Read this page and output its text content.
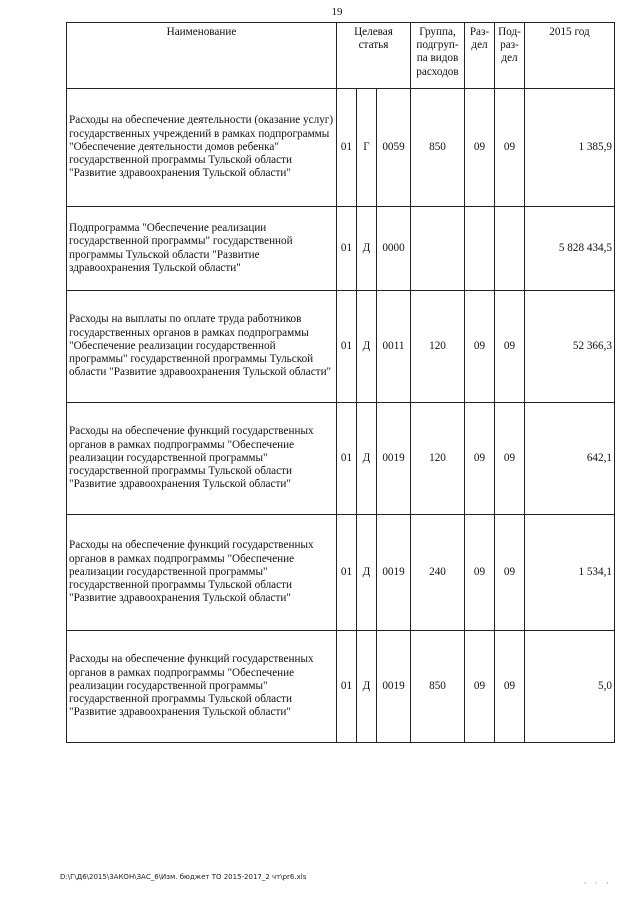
19
Наименование	Целевая статья			Группа, подгруп-па видов расходов	Раз-дел	Под-раз-дел	2015 год
Расходы на обеспечение деятельности (оказание услуг) государственных учреждений в рамках подпрограммы "Обеспечение деятельности домов ребенка" государственной программы Тульской области "Развитие здравоохранения Тульской области"	01	Г	0059	850	09	09	1 385,9
Подпрограмма "Обеспечение реализации государственной программы" государственной программы Тульской области "Развитие здравоохранения Тульской области"	01	Д	0000				5 828 434,5
Расходы на выплаты по оплате труда работников государственных органов в рамках подпрограммы "Обеспечение реализации государственной программы" государственной программы Тульской области "Развитие здравоохранения Тульской области"	01	Д	0011	120	09	09	52 366,3
Расходы на обеспечение функций государственных органов в рамках подпрограммы "Обеспечение реализации государственной программы" государственной программы Тульской области "Развитие здравоохранения Тульской области"	01	Д	0019	120	09	09	642,1
Расходы на обеспечение функций государственных органов в рамках подпрограммы "Обеспечение реализации государственной программы" государственной программы Тульской области "Развитие здравоохранения Тульской области"	01	Д	0019	240	09	09	1 534,1
Расходы на обеспечение функций государственных органов в рамках подпрограммы "Обеспечение реализации государственной программы" государственной программы Тульской области "Развитие здравоохранения Тульской области"	01	Д	0019	850	09	09	5,0
D:\Г\Д6\2015\ЗАКОН\ЗАС_6\Изм. бюджет ТО 2015-2017_2 чт\pr6.xls
· · ·
